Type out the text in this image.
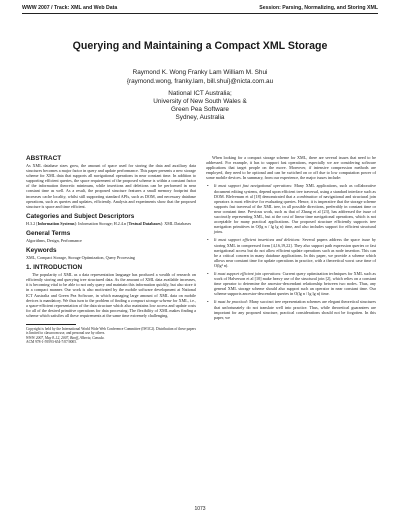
WWW 2007 / Track: XML and Web Data	Session: Parsing, Normalizing, and Storing XML
Querying and Maintaining a Compact XML Storage
Raymond K. Wong Franky Lam William M. Shui
{raymond.wong, franky.lam, bill.shui}@nicta.com.au
National ICT Australia;
University of New South Wales &
Green Pea Software
Sydney, Australia
ABSTRACT

As XML database sizes grow, the amount of space used for storing the data and auxiliary data structures becomes a major factor in query and update performance. This paper presents a new storage scheme for XML data that supports all navigational operations in near constant time. In addition to supporting efficient queries, the space requirement of the proposed scheme is within a constant factor of the information theoretic minimum, while insertions and deletions can be performed in near constant time as well. As a result, the proposed structure features a small memory footprint that increases cache locality, whilst still supporting standard APIs, such as DOM, and necessary database operations, such as queries and updates, efficiently. Analysis and experiments show that the proposed structure is space and time efficient.

Categories and Subject Descriptors

H.3.2 [Information Systems]: Information Storage; H.2.4.n [Textual Databases]: XML Databases

General Terms

Algorithms, Design, Performance

Keywords

XML, Compact Storage, Storage Optimization, Query Processing

1. INTRODUCTION

The popularity of XML as a data representation language has produced a wealth of research on efficiently storing and querying tree structured data. As the amount of XML data available increases, it is becoming vital to be able to not only query and maintain this information quickly, but also store it in a compact manner. Our work is also motivated by the mobile software development at National ICT Australia and Green Pea Software, in which managing large amount of XML data on mobile devices is mandatory. We thus turn to the problem of finding a compact storage scheme for XML, i.e., a space-efficient representation of the data structure which also maintains low access and update costs for all of the desired primitive operations for data processing. The flexibility of XML makes finding a scheme which satisfies all these requirements at the same time extremely challenging.

Copyright is held by the International World Wide Web Conference Committee (IW3C2). Distribution of these papers is limited to classroom use, and personal use by others.
WWW 2007, May 8–12, 2007, Banff, Alberta, Canada.
ACM 978-1-59593-654-7/07/0005.

When looking for a compact storage scheme for XML, there are several issues that need to be addressed. For example, it has to support fast operations, especially we are considering software applications that target people on the move. Moreover, if intensive compression methods are employed, they need to be optional and can be switched on or off due to low computation power of some mobile devices. In summary, from our experience, the major issues include:

• It must support fast navigational operations: Many XML applications, such as collaborative document editing systems, depend upon efficient tree traversal, using a standard interface such as DOM. Blelvenum et al [18] demonstrated that a combination of navigational and structural join operators is most effective for evaluating queries. Hence, it is imperative that the storage scheme supports fast traversal of the XML tree, in all possible directions, preferably in constant time or near constant time. Previous work, such as that of Zhang et al [23], has addressed the issue of succinctly representing XML, but at the cost of linear time navigational operations, which is not acceptable for many practical applications. Our proposed structure efficiently supports tree navigation primitives in O(lg n / lg lg n) time, and also includes support for efficient structural joins.
• It must support efficient insertions and deletions: Several papers address the space issue by storing XML in compressed form [4,16,19,22]. They also support path expression queries or fast navigational access but do not allow efficient update operations such as node insertion. This can be a critical concern in many database applications. In this paper, we provide a scheme which allows near constant time for update operations in practice, with a theoretical worst case time of O(lg² n).
• It must support efficient join operations: Current query optimization techniques for XML such as work of Halverson et al [10] make heavy use of the structural join [2], which relies on a constant time operator to determine the ancestor-descendant relationship between two nodes. Thus, any general XML storage scheme should also support such an operator in near constant time. Our scheme supports ancestor-descendant queries in O(lg n / lg lg n) time.
• It must be practical: Many succinct tree representation schemes are elegant theoretical structures that unfortunately do not translate well into practice. Thus, while theoretical guarantees are important for any proposed structure, practical considerations should not be forgotten. In this paper, we
1073
